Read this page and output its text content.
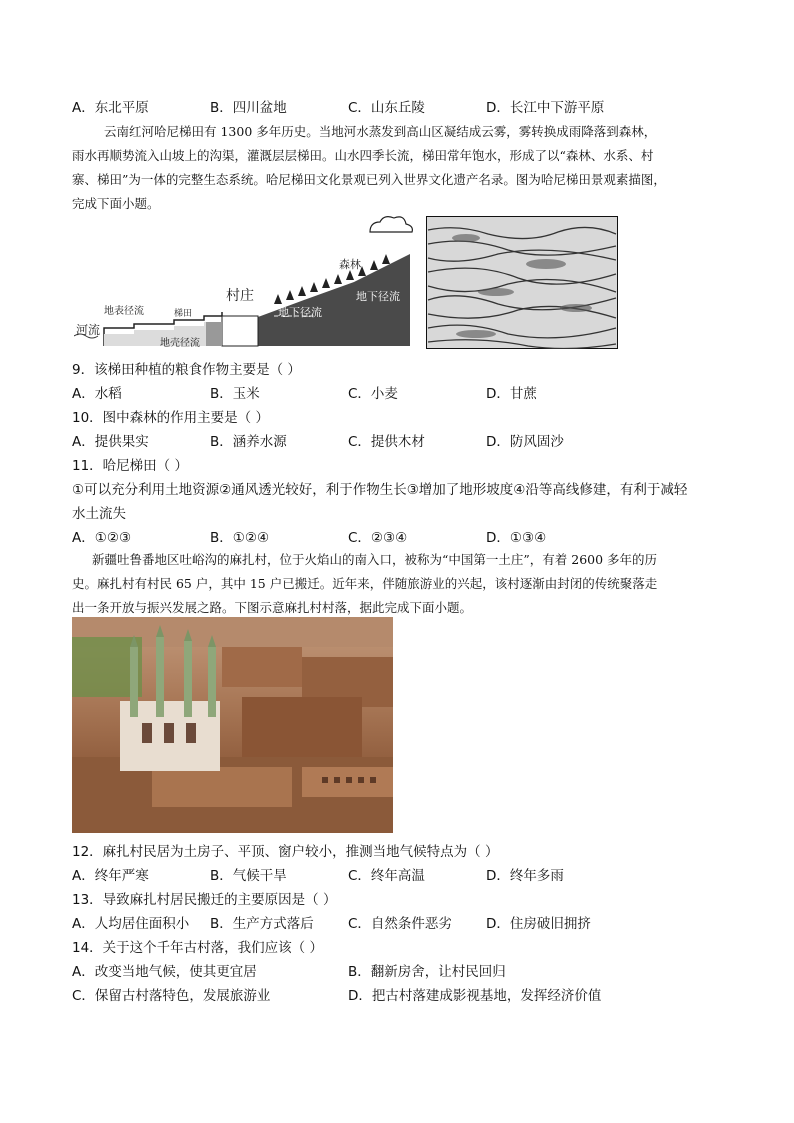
A．东北平原	B．四川盆地	C．山东丘陵	D．长江中下游平原
云南红河哈尼梯田有 1300 多年历史。当地河水蒸发到高山区凝结成云雾，雾转换成雨降落到森林，
雨水再顺势流入山坡上的沟渠，灌溉层层梯田。山水四季长流，梯田常年饱水，形成了以“森林、水系、村
寨、梯田”为一体的完整生态系统。哈尼梯田文化景观已列入世界文化遗产名录。图为哈尼梯田景观素描图，
完成下面小题。
森林
村庄
梯田
地表径流
河流
地壳径流
地下径流
地下径流
9．该梯田种植的粮食作物主要是（ ）
A．水稻	B．玉米	C．小麦	D．甘蔗
10．图中森林的作用主要是（ ）
A．提供果实	B．涵养水源	C．提供木材	D．防风固沙
11．哈尼梯田（ ）
①可以充分利用土地资源②通风透光较好，利于作物生长③增加了地形坡度④沿等高线修建，有利于减轻
水土流失
A．①②③	B．①②④	C．②③④	D．①③④
新疆吐鲁番地区吐峪沟的麻扎村，位于火焰山的南入口，被称为“中国第一土庄”，有着 2600 多年的历
史。麻扎村有村民 65 户，其中 15 户已搬迁。近年来，伴随旅游业的兴起，该村逐渐由封闭的传统聚落走
出一条开放与振兴发展之路。下图示意麻扎村村落，据此完成下面小题。
12．麻扎村民居为土房子、平顶、窗户较小，推测当地气候特点为（ ）
A．终年严寒	B．气候干旱	C．终年高温	D．终年多雨
13．导致麻扎村居民搬迁的主要原因是（ ）
A．人均居住面积小 B．生产方式落后	C．自然条件恶劣	D．住房破旧拥挤
14．关于这个千年古村落，我们应该（ ）
A．改变当地气候，使其更宜居	B．翻新房舍，让村民回归
C．保留古村落特色，发展旅游业	D．把古村落建成影视基地，发挥经济价值
